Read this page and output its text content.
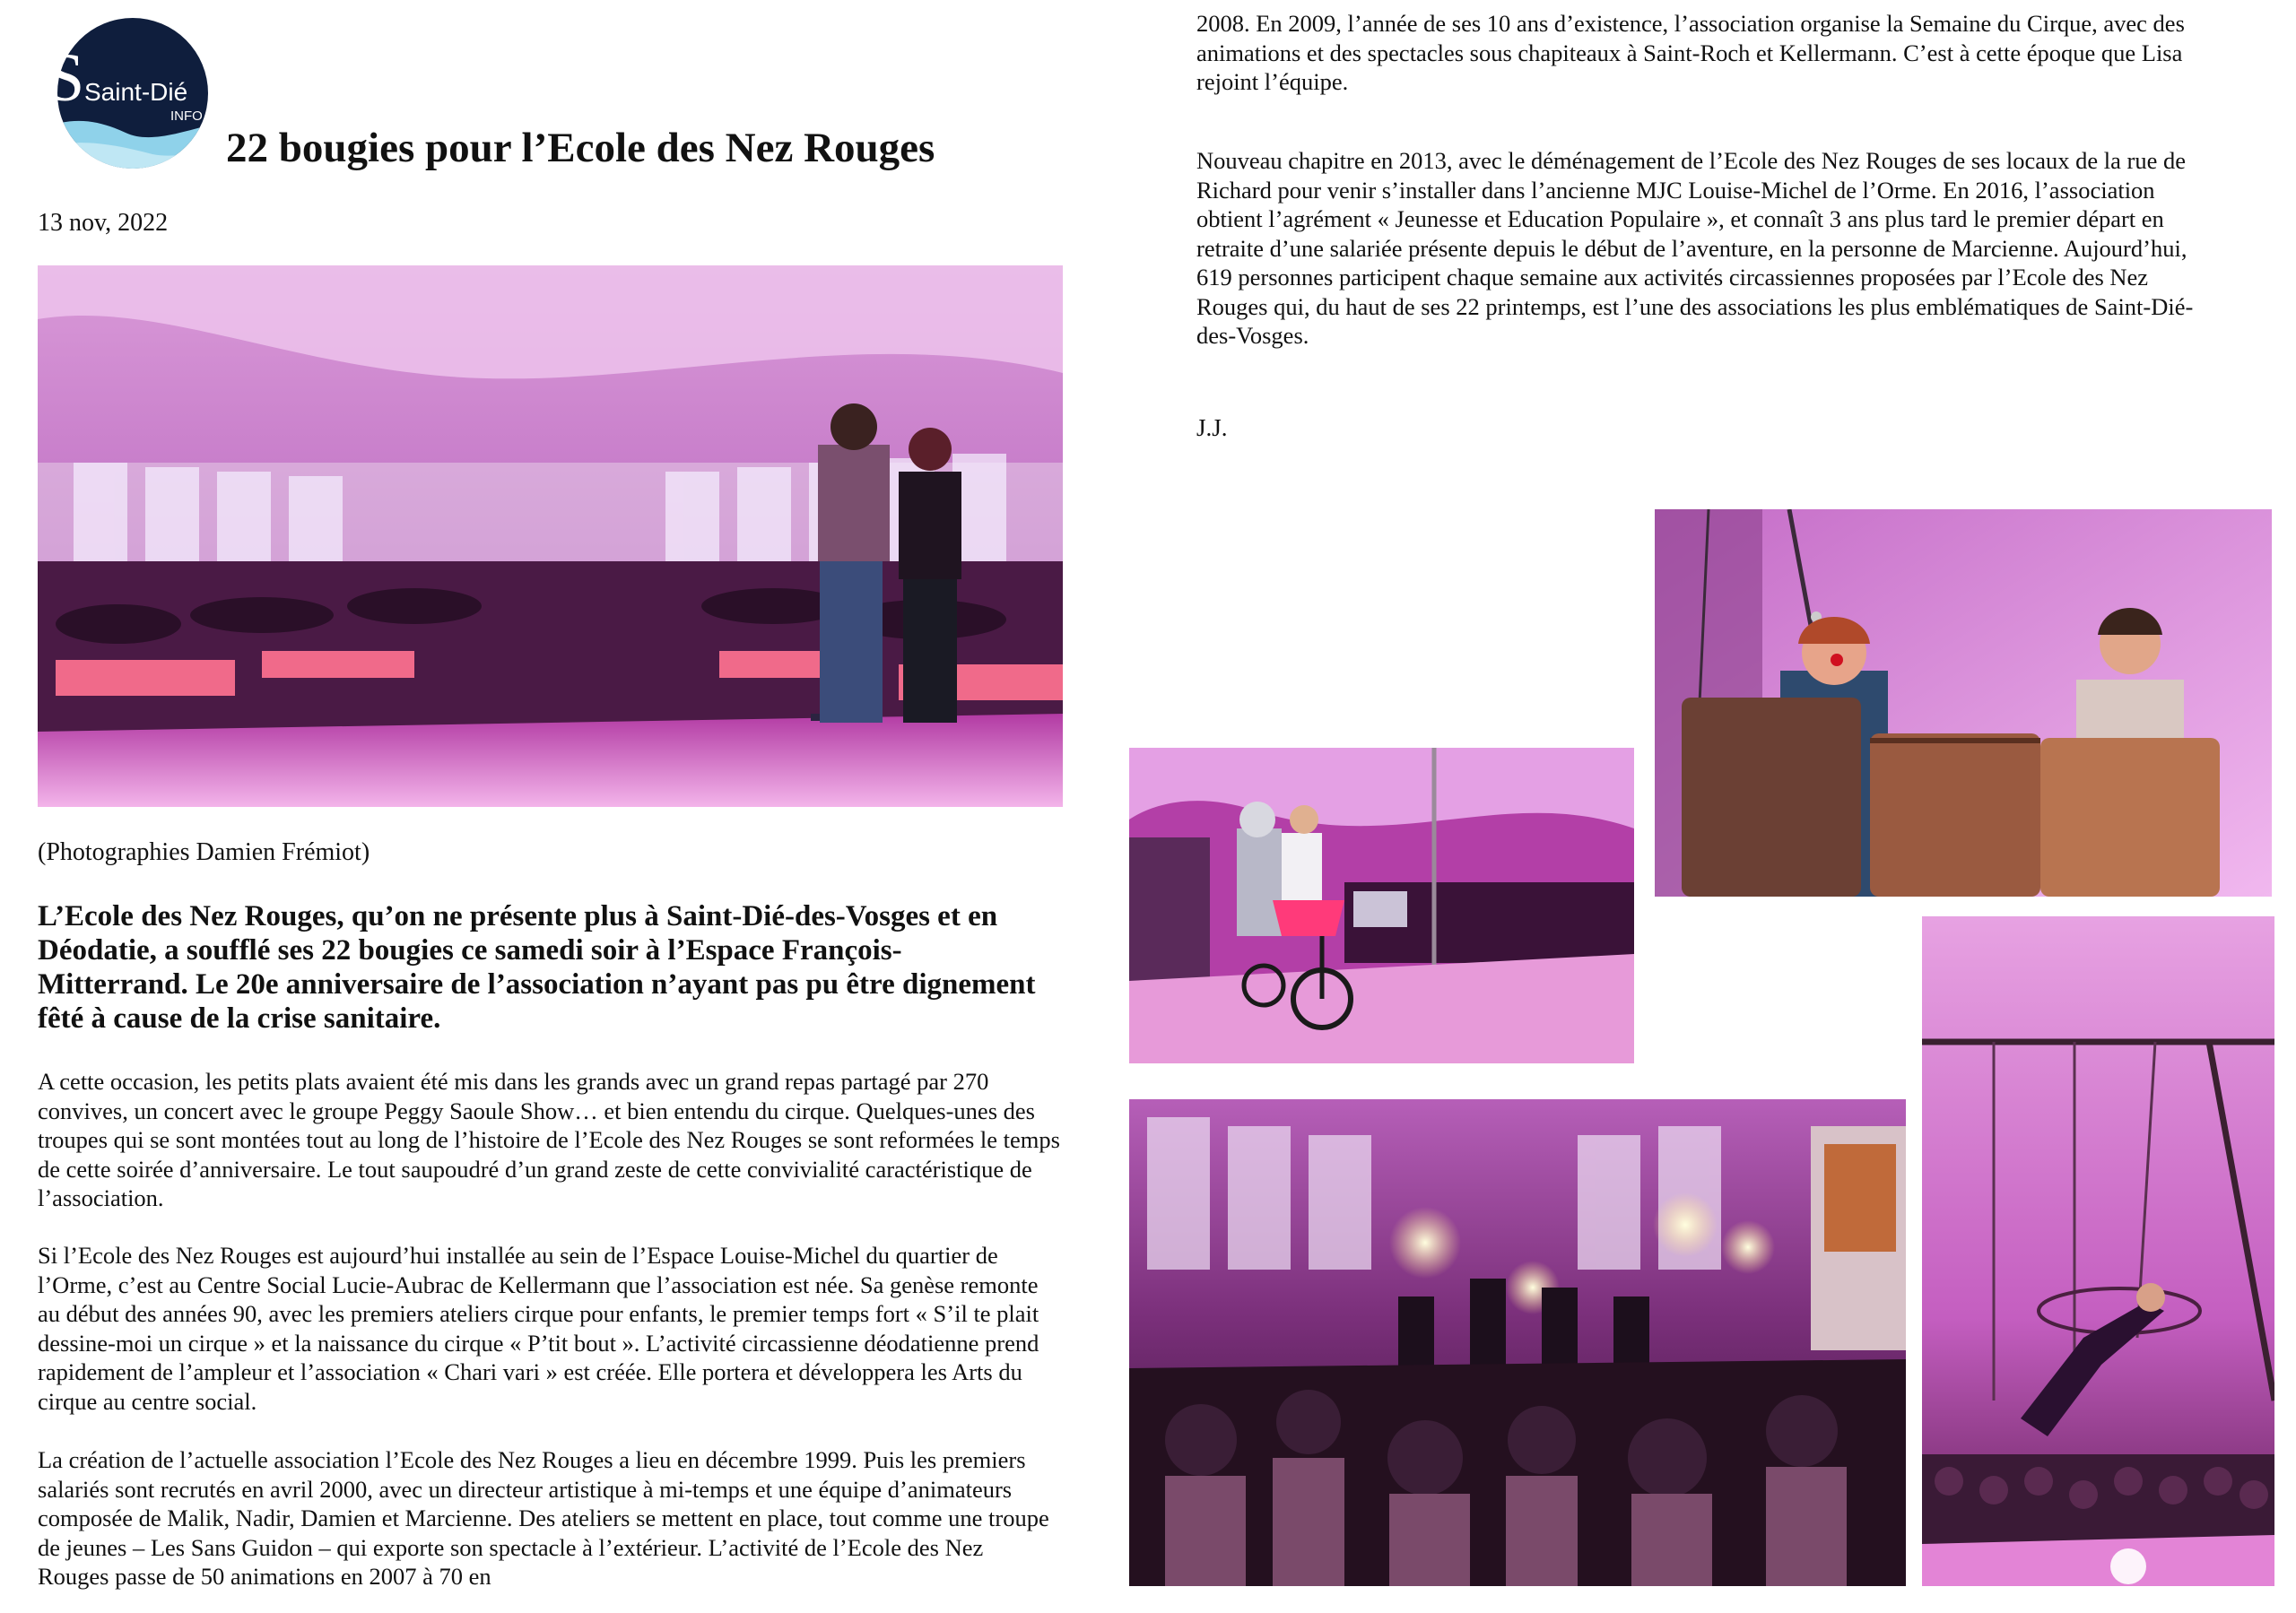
S Saint-Dié
INFO
22 bougies pour l’Ecole des Nez Rouges
13 nov, 2022
(Photographies Damien Frémiot)

L’Ecole des Nez Rouges, qu’on ne présente plus à Saint-Dié-des-Vosges et en Déodatie, a soufflé ses 22 bougies ce samedi soir à l’Espace François-Mitterrand. Le 20e anniversaire de l’association n’ayant pas pu être dignement fêté à cause de la crise sanitaire.

A cette occasion, les petits plats avaient été mis dans les grands avec un grand repas partagé par 270 convives, un concert avec le groupe Peggy Saoule Show… et bien entendu du cirque. Quelques-unes des troupes qui se sont montées tout au long de l’histoire de l’Ecole des Nez Rouges se sont reformées le temps de cette soirée d’anniversaire. Le tout saupoudré d’un grand zeste de cette convivialité caractéristique de l’association.

Si l’Ecole des Nez Rouges est aujourd’hui installée au sein de l’Espace Louise-Michel du quartier de l’Orme, c’est au Centre Social Lucie-Aubrac de Kellermann que l’association est née. Sa genèse remonte au début des années 90, avec les premiers ateliers cirque pour enfants, le premier temps fort « S’il te plait dessine-moi un cirque » et la naissance du cirque « P’tit bout ». L’activité circassienne déodatienne prend rapidement de l’ampleur et l’association « Chari vari » est créée. Elle portera et développera les Arts du cirque au centre social.

La création de l’actuelle association l’Ecole des Nez Rouges a lieu en décembre 1999. Puis les premiers salariés sont recrutés en avril 2000, avec un directeur artistique à mi-temps et une équipe d’animateurs composée de Malik, Nadir, Damien et Marcienne. Des ateliers se mettent en place, tout comme une troupe de jeunes – Les Sans Guidon – qui exporte son spectacle à l’extérieur. L’activité de l’Ecole des Nez Rouges passe de 50 animations en 2007 à 70 en

2008. En 2009, l’année de ses 10 ans d’existence, l’association organise la Semaine du Cirque, avec des animations et des spectacles sous chapiteaux à Saint-Roch et Kellermann. C’est à cette époque que Lisa rejoint l’équipe.

Nouveau chapitre en 2013, avec le déménagement de l’Ecole des Nez Rouges de ses locaux de la rue de Richard pour venir s’installer dans l’ancienne MJC Louise-Michel de l’Orme. En 2016, l’association obtient l’agrément « Jeunesse et Education Populaire », et connaît 3 ans plus tard le premier départ en retraite d’une salariée présente depuis le début de l’aventure, en la personne de Marcienne. Aujourd’hui, 619 personnes participent chaque semaine aux activités circassiennes proposées par l’Ecole des Nez Rouges qui, du haut de ses 22 printemps, est l’une des associations les plus emblématiques de Saint-Dié-des-Vosges.

J.J.
